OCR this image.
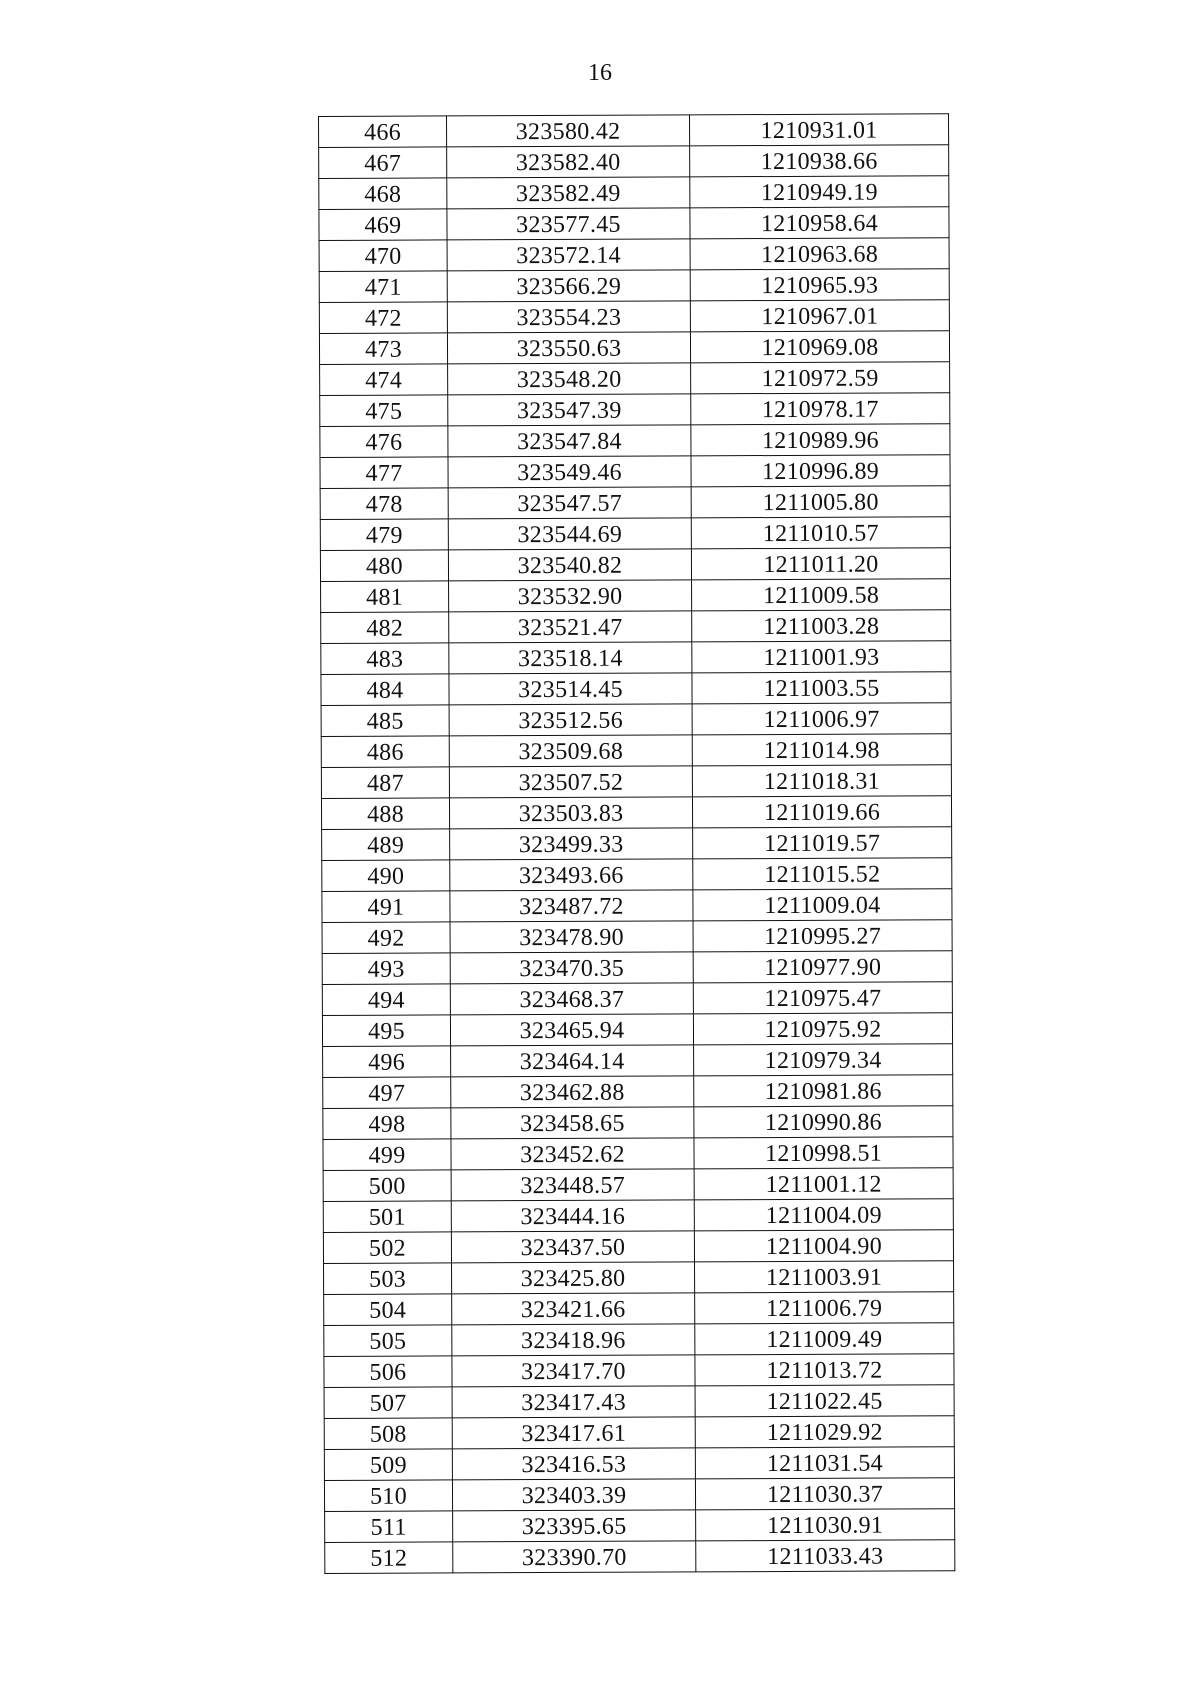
16
466	323580.42	1210931.01
467	323582.40	1210938.66
468	323582.49	1210949.19
469	323577.45	1210958.64
470	323572.14	1210963.68
471	323566.29	1210965.93
472	323554.23	1210967.01
473	323550.63	1210969.08
474	323548.20	1210972.59
475	323547.39	1210978.17
476	323547.84	1210989.96
477	323549.46	1210996.89
478	323547.57	1211005.80
479	323544.69	1211010.57
480	323540.82	1211011.20
481	323532.90	1211009.58
482	323521.47	1211003.28
483	323518.14	1211001.93
484	323514.45	1211003.55
485	323512.56	1211006.97
486	323509.68	1211014.98
487	323507.52	1211018.31
488	323503.83	1211019.66
489	323499.33	1211019.57
490	323493.66	1211015.52
491	323487.72	1211009.04
492	323478.90	1210995.27
493	323470.35	1210977.90
494	323468.37	1210975.47
495	323465.94	1210975.92
496	323464.14	1210979.34
497	323462.88	1210981.86
498	323458.65	1210990.86
499	323452.62	1210998.51
500	323448.57	1211001.12
501	323444.16	1211004.09
502	323437.50	1211004.90
503	323425.80	1211003.91
504	323421.66	1211006.79
505	323418.96	1211009.49
506	323417.70	1211013.72
507	323417.43	1211022.45
508	323417.61	1211029.92
509	323416.53	1211031.54
510	323403.39	1211030.37
511	323395.65	1211030.91
512	323390.70	1211033.43
